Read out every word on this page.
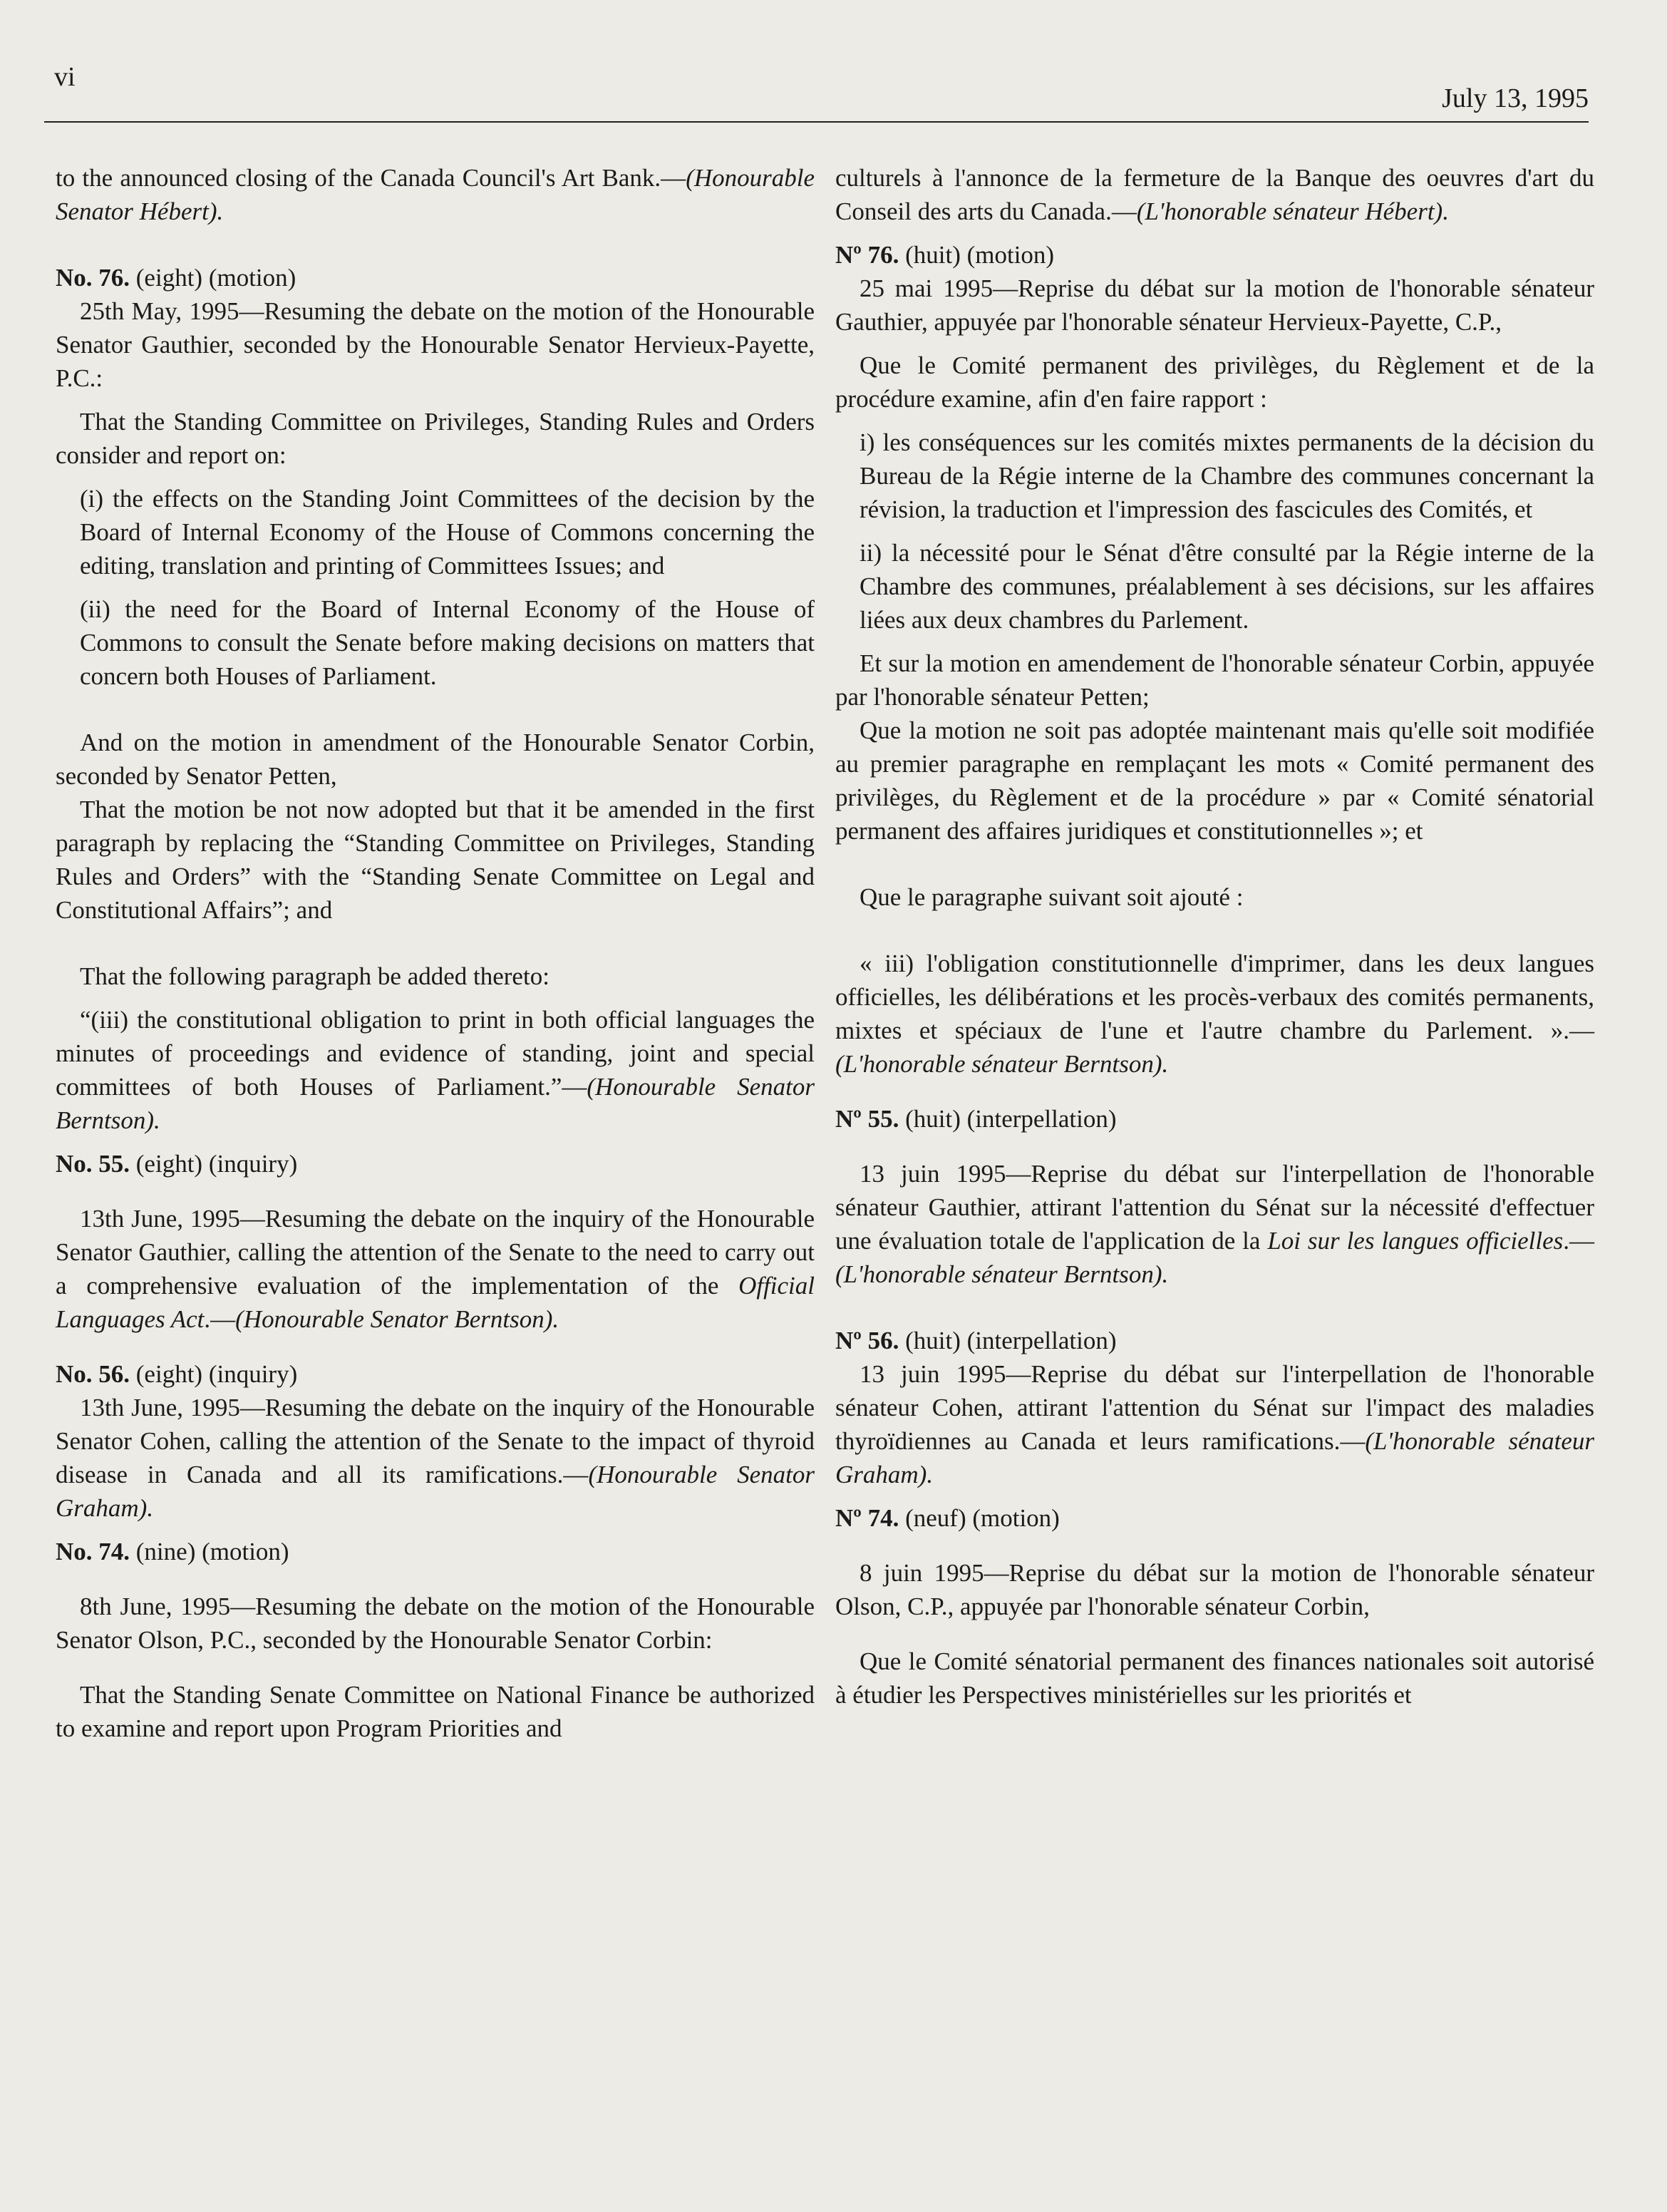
vi
July 13, 1995

to the announced closing of the Canada Council's Art Bank.—(Honourable Senator Hébert).

No. 76. (eight) (motion)

25th May, 1995—Resuming the debate on the motion of the Honourable Senator Gauthier, seconded by the Honourable Senator Hervieux-Payette, P.C.:

That the Standing Committee on Privileges, Standing Rules and Orders consider and report on:

(i) the effects on the Standing Joint Committees of the decision by the Board of Internal Economy of the House of Commons concerning the editing, translation and printing of Committees Issues; and

(ii) the need for the Board of Internal Economy of the House of Commons to consult the Senate before making decisions on matters that concern both Houses of Parliament.

And on the motion in amendment of the Honourable Senator Corbin, seconded by Senator Petten,

That the motion be not now adopted but that it be amended in the first paragraph by replacing the “Standing Committee on Privileges, Standing Rules and Orders” with the “Standing Senate Committee on Legal and Constitutional Affairs”; and

That the following paragraph be added thereto:

“(iii) the constitutional obligation to print in both official languages the minutes of proceedings and evidence of standing, joint and special committees of both Houses of Parliament.”—(Honourable Senator Berntson).

No. 55. (eight) (inquiry)

13th June, 1995—Resuming the debate on the inquiry of the Honourable Senator Gauthier, calling the attention of the Senate to the need to carry out a comprehensive evaluation of the implementation of the Official Languages Act.—(Honourable Senator Berntson).

No. 56. (eight) (inquiry)

13th June, 1995—Resuming the debate on the inquiry of the Honourable Senator Cohen, calling the attention of the Senate to the impact of thyroid disease in Canada and all its ramifications.—(Honourable Senator Graham).

No. 74. (nine) (motion)

8th June, 1995—Resuming the debate on the motion of the Honourable Senator Olson, P.C., seconded by the Honourable Senator Corbin:

That the Standing Senate Committee on National Finance be authorized to examine and report upon Program Priorities and

culturels à l'annonce de la fermeture de la Banque des oeuvres d'art du Conseil des arts du Canada.—(L'honorable sénateur Hébert).

Nº 76. (huit) (motion)

25 mai 1995—Reprise du débat sur la motion de l'honorable sénateur Gauthier, appuyée par l'honorable sénateur Hervieux-Payette, C.P.,

Que le Comité permanent des privilèges, du Règlement et de la procédure examine, afin d'en faire rapport :

i) les conséquences sur les comités mixtes permanents de la décision du Bureau de la Régie interne de la Chambre des communes concernant la révision, la traduction et l'impression des fascicules des Comités, et

ii) la nécessité pour le Sénat d'être consulté par la Régie interne de la Chambre des communes, préalablement à ses décisions, sur les affaires liées aux deux chambres du Parlement.

Et sur la motion en amendement de l'honorable sénateur Corbin, appuyée par l'honorable sénateur Petten;

Que la motion ne soit pas adoptée maintenant mais qu'elle soit modifiée au premier paragraphe en remplaçant les mots « Comité permanent des privilèges, du Règlement et de la procédure » par « Comité sénatorial permanent des affaires juridiques et constitutionnelles »; et

Que le paragraphe suivant soit ajouté :

« iii) l'obligation constitutionnelle d'imprimer, dans les deux langues officielles, les délibérations et les procès-verbaux des comités permanents, mixtes et spéciaux de l'une et l'autre chambre du Parlement. ».—(L'honorable sénateur Berntson).

Nº 55. (huit) (interpellation)

13 juin 1995—Reprise du débat sur l'interpellation de l'honorable sénateur Gauthier, attirant l'attention du Sénat sur la nécessité d'effectuer une évaluation totale de l'application de la Loi sur les langues officielles.—(L'honorable sénateur Berntson).

Nº 56. (huit) (interpellation)

13 juin 1995—Reprise du débat sur l'interpellation de l'honorable sénateur Cohen, attirant l'attention du Sénat sur l'impact des maladies thyroïdiennes au Canada et leurs ramifications.—(L'honorable sénateur Graham).

Nº 74. (neuf) (motion)

8 juin 1995—Reprise du débat sur la motion de l'honorable sénateur Olson, C.P., appuyée par l'honorable sénateur Corbin,

Que le Comité sénatorial permanent des finances nationales soit autorisé à étudier les Perspectives ministérielles sur les priorités et
